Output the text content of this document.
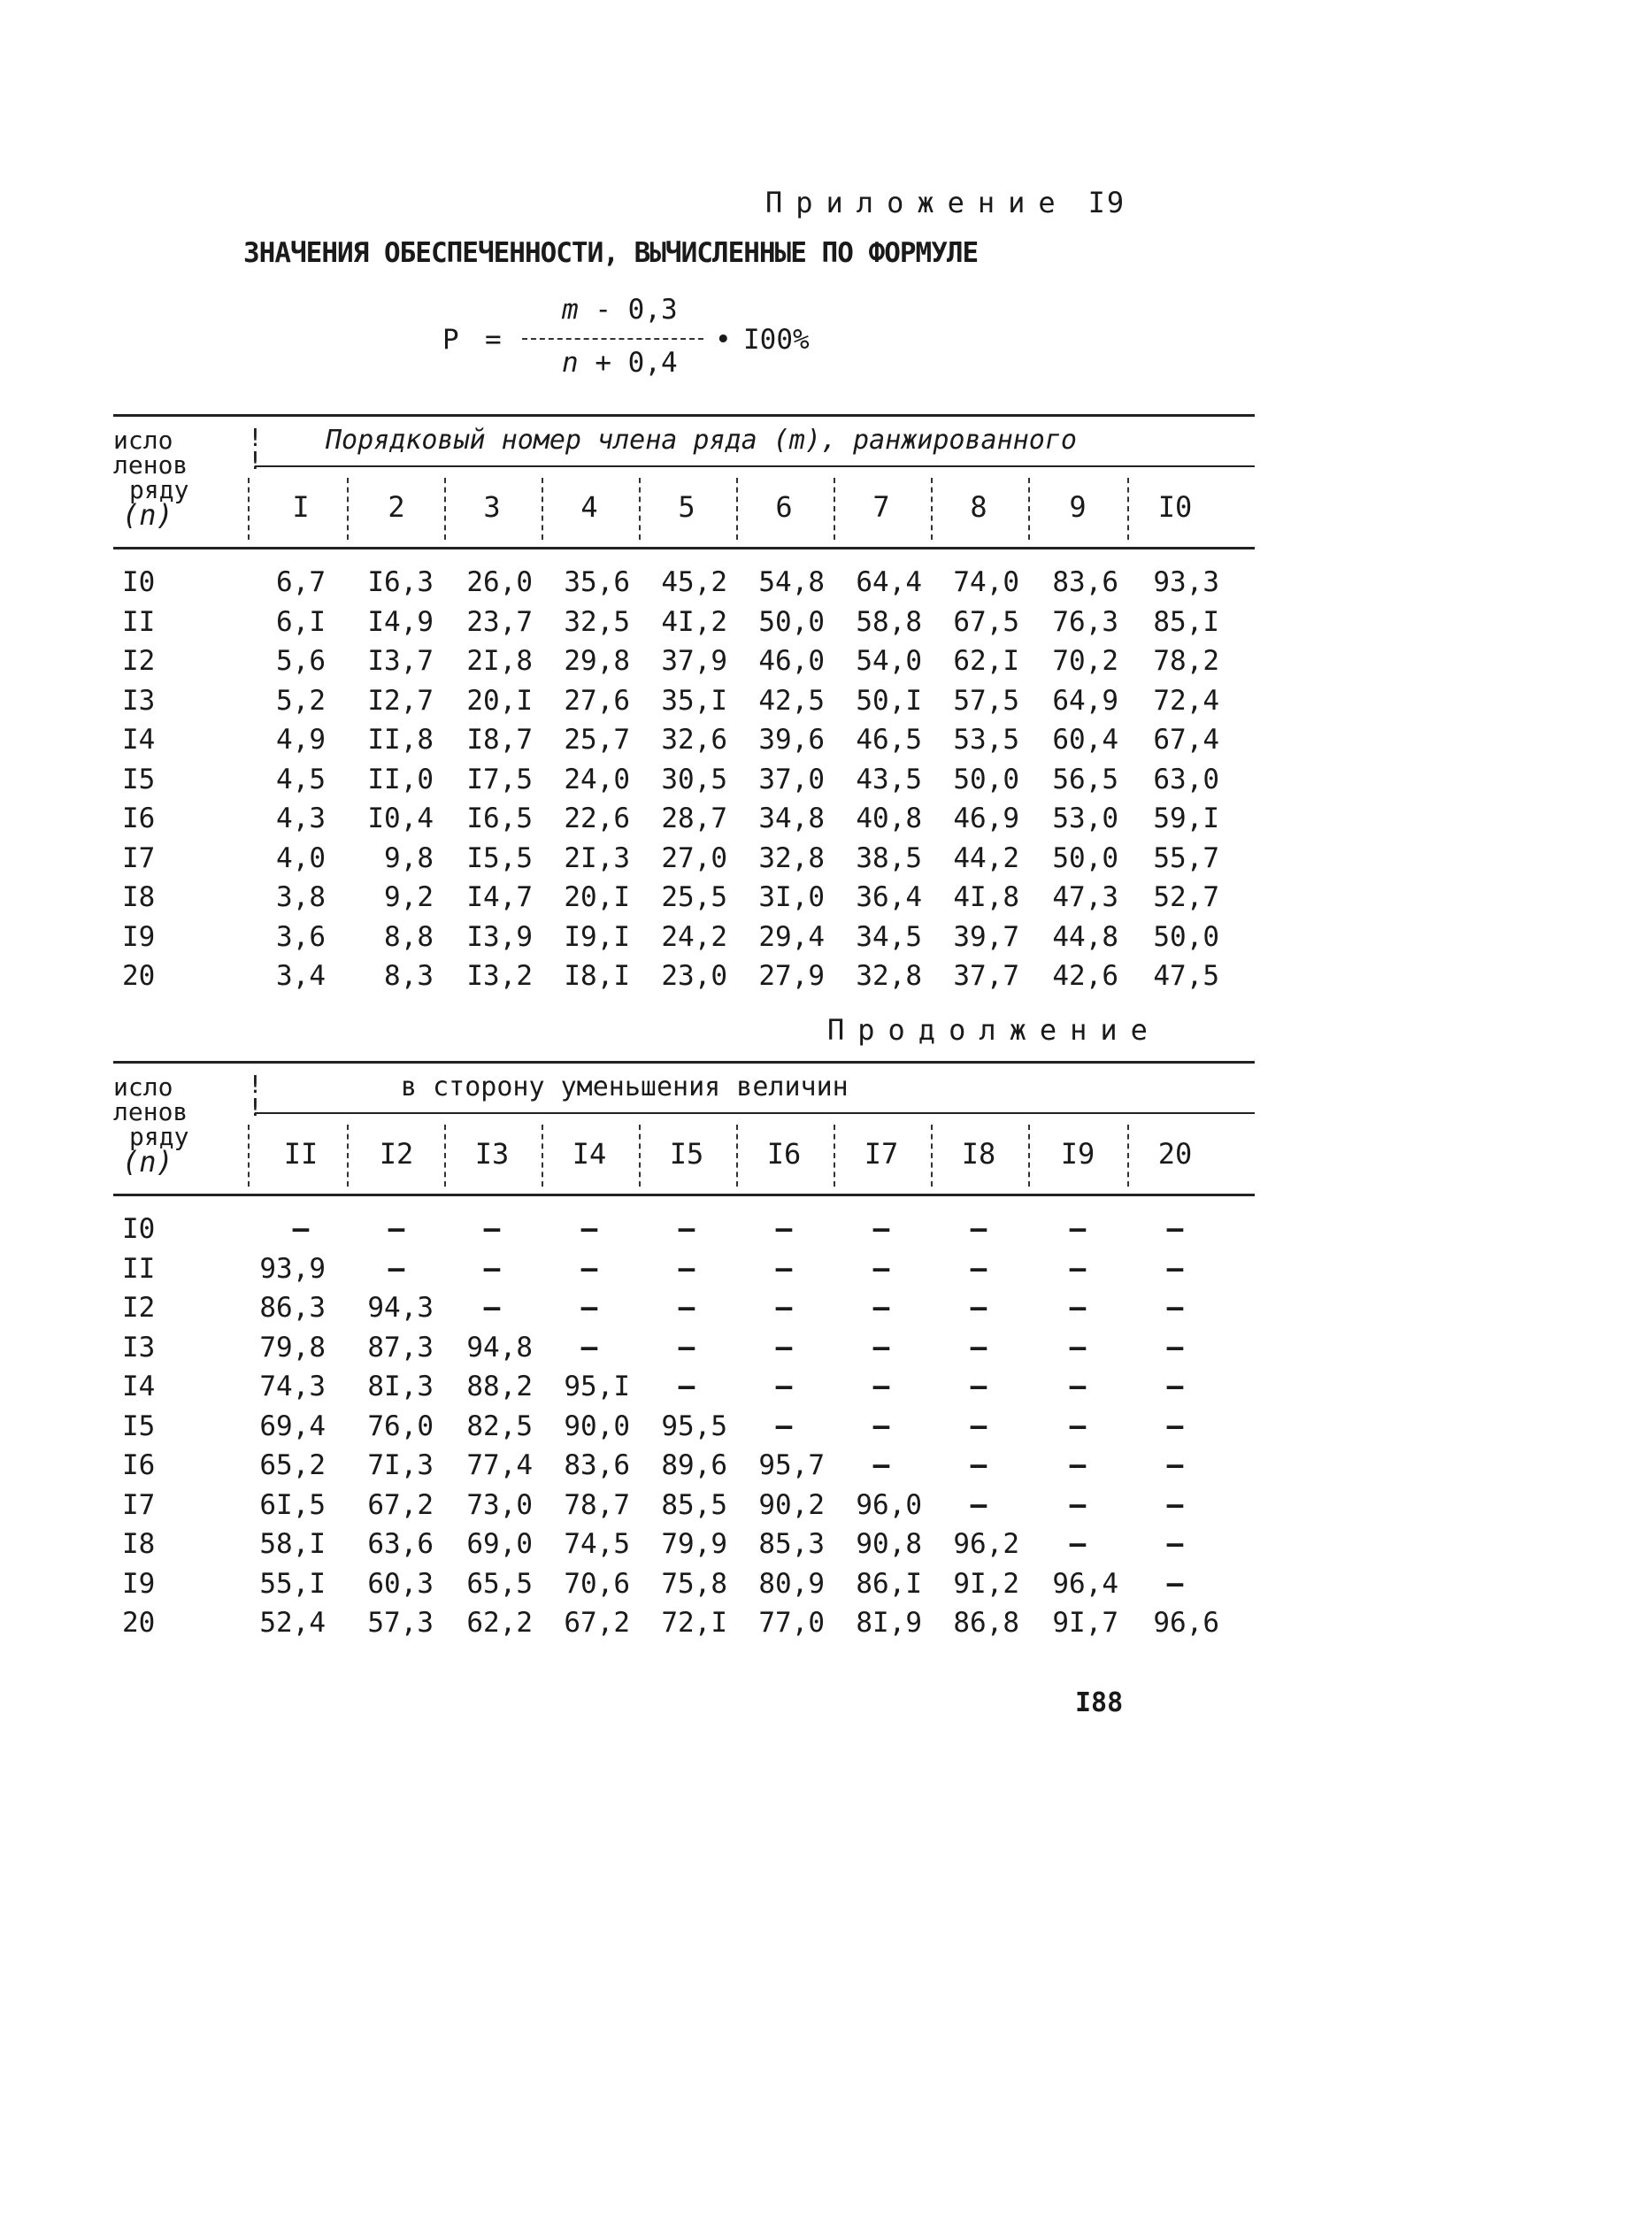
Приложение I9
ЗНАЧЕНИЯ ОБЕСПЕЧЕННОСТИ, ВЫЧИСЛЕННЫЕ ПО ФОРМУЛЕ
P =
m - 0,3
n + 0,4
• I00%
исло
ленов
ряду
(n)
!
!
Порядковый номер члена ряда (m), ранжированного
I	2	3	4	5	6	7	8	9	I0
I0	6,7	I6,3	26,0	35,6	45,2	54,8	64,4	74,0	83,6	93,3
II	6,I	I4,9	23,7	32,5	4I,2	50,0	58,8	67,5	76,3	85,I
I2	5,6	I3,7	2I,8	29,8	37,9	46,0	54,0	62,I	70,2	78,2
I3	5,2	I2,7	20,I	27,6	35,I	42,5	50,I	57,5	64,9	72,4
I4	4,9	II,8	I8,7	25,7	32,6	39,6	46,5	53,5	60,4	67,4
I5	4,5	II,0	I7,5	24,0	30,5	37,0	43,5	50,0	56,5	63,0
I6	4,3	I0,4	I6,5	22,6	28,7	34,8	40,8	46,9	53,0	59,I
I7	4,0	9,8	I5,5	2I,3	27,0	32,8	38,5	44,2	50,0	55,7
I8	3,8	9,2	I4,7	20,I	25,5	3I,0	36,4	4I,8	47,3	52,7
I9	3,6	8,8	I3,9	I9,I	24,2	29,4	34,5	39,7	44,8	50,0
20	3,4	8,3	I3,2	I8,I	23,0	27,9	32,8	37,7	42,6	47,5
Продолжение
исло
ленов
ряду
(n)
!
!
в сторону уменьшения величин
II	I2	I3	I4	I5	I6	I7	I8	I9	20
I0	–	–	–	–	–	–	–	–	–	–
II	93,9	–	–	–	–	–	–	–	–	–
I2	86,3	94,3	–	–	–	–	–	–	–	–
I3	79,8	87,3	94,8	–	–	–	–	–	–	–
I4	74,3	8I,3	88,2	95,I	–	–	–	–	–	–
I5	69,4	76,0	82,5	90,0	95,5	–	–	–	–	–
I6	65,2	7I,3	77,4	83,6	89,6	95,7	–	–	–	–
I7	6I,5	67,2	73,0	78,7	85,5	90,2	96,0	–	–	–
I8	58,I	63,6	69,0	74,5	79,9	85,3	90,8	96,2	–	–
I9	55,I	60,3	65,5	70,6	75,8	80,9	86,I	9I,2	96,4	–
20	52,4	57,3	62,2	67,2	72,I	77,0	8I,9	86,8	9I,7	96,6
I88
